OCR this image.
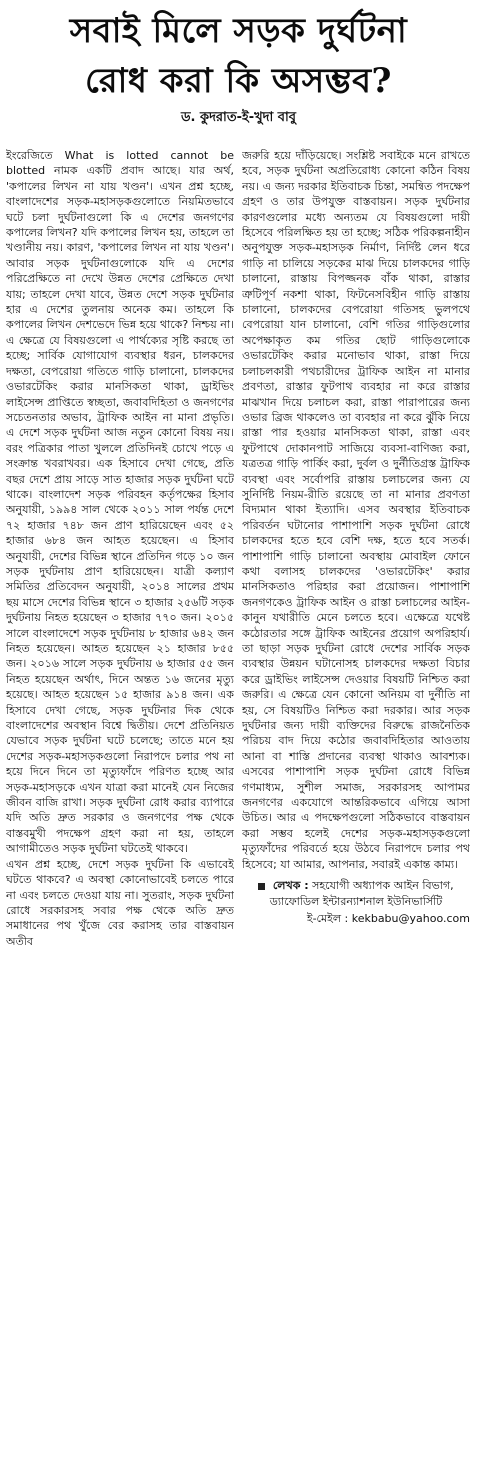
সবাই মিলে সড়ক দুর্ঘটনা
রোধ করা কি অসম্ভব?
ড. কুদরাত-ই-খুদা বাবু

ইংরেজিতে What is lotted cannot be blotted নামক একটি প্রবাদ আছে। যার অর্থ, 'কপালের লিখন না যায় খণ্ডন'। এখন প্রশ্ন হচ্ছে, বাংলাদেশের সড়ক-মহাসড়কগুলোতে নিয়মিতভাবে ঘটে চলা দুর্ঘটনাগুলো কি এ দেশের জনগণের কপালের লিখন? যদি কপালের লিখন হয়, তাহলে তা খণ্ডানীয় নয়। কারণ, 'কপালের লিখন না যায় খণ্ডন'। আবার সড়ক দুর্ঘটনাগুলোকে যদি এ দেশের পরিপ্রেক্ষিতে না দেখে উন্নত দেশের প্রেক্ষিতে দেখা যায়; তাহলে দেখা যাবে, উন্নত দেশে সড়ক দুর্ঘটনার হার এ দেশের তুলনায় অনেক কম। তাহলে কি কপালের লিখন দেশভেদে ভিন্ন হয়ে থাকে? নিশ্চয় না। এ ক্ষেত্রে যে বিষয়গুলো এ পার্থক্যের সৃষ্টি করছে তা হচ্ছে; সার্বিক যোগাযোগ ব্যবস্থার ধরন, চালকদের দক্ষতা, বেপরোয়া গতিতে গাড়ি চালানো, চালকদের ওভারটেকিং করার মানসিকতা থাকা, ড্রাইভিং লাইসেন্স প্রাপ্তিতে স্বচ্ছতা, জবাবদিহিতা ও জনগণের সচেতনতার অভাব, ট্রাফিক আইন না মানা প্রভৃতি। এ দেশে সড়ক দুর্ঘটনা আজ নতুন কোনো বিষয় নয়। বরং পত্রিকার পাতা খুললে প্রতিদিনই চোখে পড়ে এ সংক্রান্ত খবরাখবর। এক হিসাবে দেখা গেছে, প্রতি বছর দেশে প্রায় সাড়ে সাত হাজার সড়ক দুর্ঘটনা ঘটে থাকে। বাংলাদেশ সড়ক পরিবহন কর্তৃপক্ষের হিসাব অনুযায়ী, ১৯৯৪ সাল থেকে ২০১১ সাল পর্যন্ত দেশে ৭২ হাজার ৭৪৮ জন প্রাণ হারিয়েছেন এবং ৫২ হাজার ৬৮৪ জন আহত হয়েছেন। এ হিসাব অনুযায়ী, দেশের বিভিন্ন স্থানে প্রতিদিন গড়ে ১০ জন সড়ক দুর্ঘটনায় প্রাণ হারিয়েছেন। যাত্রী কল্যাণ সমিতির প্রতিবেদন অনুযায়ী, ২০১৪ সালের প্রথম ছয় মাসে দেশের বিভিন্ন স্থানে ৩ হাজার ২৫৬টি সড়ক দুর্ঘটনায় নিহত হয়েছেন ৩ হাজার ৭৭০ জন। ২০১৫ সালে বাংলাদেশে সড়ক দুর্ঘটনায় ৮ হাজার ৬৪২ জন নিহত হয়েছেন। আহত হয়েছেন ২১ হাজার ৮৫৫ জন। ২০১৬ সালে সড়ক দুর্ঘটনায় ৬ হাজার ৫৫ জন নিহত হয়েছেন অর্থাৎ, দিনে অন্তত ১৬ জনের মৃত্যু হয়েছে। আহত হয়েছেন ১৫ হাজার ৯১৪ জন। এক হিসাবে দেখা গেছে, সড়ক দুর্ঘটনার দিক থেকে বাংলাদেশের অবস্থান বিশ্বে দ্বিতীয়। দেশে প্রতিনিয়ত যেভাবে সড়ক দুর্ঘটনা ঘটে চলেছে; তাতে মনে হয় দেশের সড়ক-মহাসড়কগুলো নিরাপদে চলার পথ না হয়ে দিনে দিনে তা মৃত্যুফাঁদে পরিণত হচ্ছে আর সড়ক-মহাসড়কে এখন যাত্রা করা মানেই যেন নিজের জীবন বাজি রাখা। সড়ক দুর্ঘটনা রোধ করার ব্যাপারে যদি অতি দ্রুত সরকার ও জনগণের পক্ষ থেকে বাস্তবমুখী পদক্ষেপ গ্রহণ করা না হয়, তাহলে আগামীতেও সড়ক দুর্ঘটনা ঘটতেই থাকবে।

এখন প্রশ্ন হচ্ছে, দেশে সড়ক দুর্ঘটনা কি এভাবেই ঘটতে থাকবে? এ অবস্থা কোনোভাবেই চলতে পারে না এবং চলতে দেওয়া যায় না। সুতরাং, সড়ক দুর্ঘটনা রোধে সরকারসহ সবার পক্ষ থেকে অতি দ্রুত সমাধানের পথ খুঁজে বের করাসহ তার বাস্তবায়ন অতীব

জরুরি হয়ে দাঁড়িয়েছে। সংশ্লিষ্ট সবাইকে মনে রাখতে হবে, সড়ক দুর্ঘটনা অপ্রতিরোধ্য কোনো কঠিন বিষয় নয়। এ জন্য দরকার ইতিবাচক চিন্তা, সমন্বিত পদক্ষেপ গ্রহণ ও তার উপযুক্ত বাস্তবায়ন। সড়ক দুর্ঘটনার কারণগুলোর মধ্যে অন্যতম যে বিষয়গুলো দায়ী হিসেবে পরিলক্ষিত হয় তা হচ্ছে; সঠিক পরিকল্পনাহীন অনুপযুক্ত সড়ক-মহাসড়ক নির্মাণ, নির্দিষ্ট লেন ধরে গাড়ি না চালিয়ে সড়কের মাঝ দিয়ে চালকদের গাড়ি চালানো, রাস্তায় বিপজ্জনক বাঁক থাকা, রাস্তার ত্রুটিপূর্ণ নকশা থাকা, ফিটনেসবিহীন গাড়ি রাস্তায় চালানো, চালকদের বেপরোয়া গতিসহ ভুলপথে বেপরোয়া যান চালানো, বেশি গতির গাড়িগুলোর অপেক্ষাকৃত কম গতির ছোট গাড়িগুলোকে ওভারটেকিং করার মনোভাব থাকা, রাস্তা দিয়ে চলাচলকারী পথচারীদের ট্রাফিক আইন না মানার প্রবণতা, রাস্তার ফুটপাথ ব্যবহার না করে রাস্তার মাঝখান দিয়ে চলাচল করা, রাস্তা পারাপারের জন্য ওভার ব্রিজ থাকলেও তা ব্যবহার না করে ঝুঁকি নিয়ে রাস্তা পার হওয়ার মানসিকতা থাকা, রাস্তা এবং ফুটপাথে দোকানপাট সাজিয়ে ব্যবসা-বাণিজ্য করা, যত্রতত্র গাড়ি পার্কিং করা, দুর্বল ও দুর্নীতিগ্রস্ত ট্রাফিক ব্যবস্থা এবং সর্বোপরি রাস্তায় চলাচলের জন্য যে সুনির্দিষ্ট নিয়ম-রীতি রয়েছে তা না মানার প্রবণতা বিদ্যমান থাকা ইত্যাদি। এসব অবস্থার ইতিবাচক পরিবর্তন ঘটানোর পাশাপাশি সড়ক দুর্ঘটনা রোধে চালকদের হতে হবে বেশি দক্ষ, হতে হবে সতর্ক। পাশাপাশি গাড়ি চালানো অবস্থায় মোবাইল ফোনে কথা বলাসহ চালকদের 'ওভারটেকিং' করার মানসিকতাও পরিহার করা প্রয়োজন। পাশাপাশি জনগণকেও ট্রাফিক আইন ও রাস্তা চলাচলের আইন-কানুন যথারীতি মেনে চলতে হবে। এক্ষেত্রে যথেষ্ট কঠোরতার সঙ্গে ট্রাফিক আইনের প্রয়োগ অপরিহার্য। তা ছাড়া সড়ক দুর্ঘটনা রোধে দেশের সার্বিক সড়ক ব্যবস্থার উন্নয়ন ঘটানোসহ চালকদের দক্ষতা বিচার করে ড্রাইভিং লাইসেন্স দেওয়ার বিষয়টি নিশ্চিত করা জরুরি। এ ক্ষেত্রে যেন কোনো অনিয়ম বা দুর্নীতি না হয়, সে বিষয়টিও নিশ্চিত করা দরকার। আর সড়ক দুর্ঘটনার জন্য দায়ী ব্যক্তিদের বিরুদ্ধে রাজনৈতিক পরিচয় বাদ দিয়ে কঠোর জবাবদিহিতার আওতায় আনা বা শাস্তি প্রদানের ব্যবস্থা থাকাও আবশ্যক। এসবের পাশাপাশি সড়ক দুর্ঘটনা রোধে বিভিন্ন গণমাধ্যম, সুশীল সমাজ, সরকারসহ আপামর জনগণের একযোগে আন্তরিকভাবে এগিয়ে আসা উচিত। আর এ পদক্ষেপগুলো সঠিকভাবে বাস্তবায়ন করা সম্ভব হলেই দেশের সড়ক-মহাসড়কগুলো মৃত্যুফাঁদের পরিবর্তে হয়ে উঠবে নিরাপদে চলার পথ হিসেবে; যা আমার, আপনার, সবারই একান্ত কাম্য।

লেখক : সহযোগী অধ্যাপক আইন বিভাগ, ড্যাফোডিল ইন্টারন্যাশনাল ইউনিভার্সিটি
ই-মেইল : kekbabu@yahoo.com
